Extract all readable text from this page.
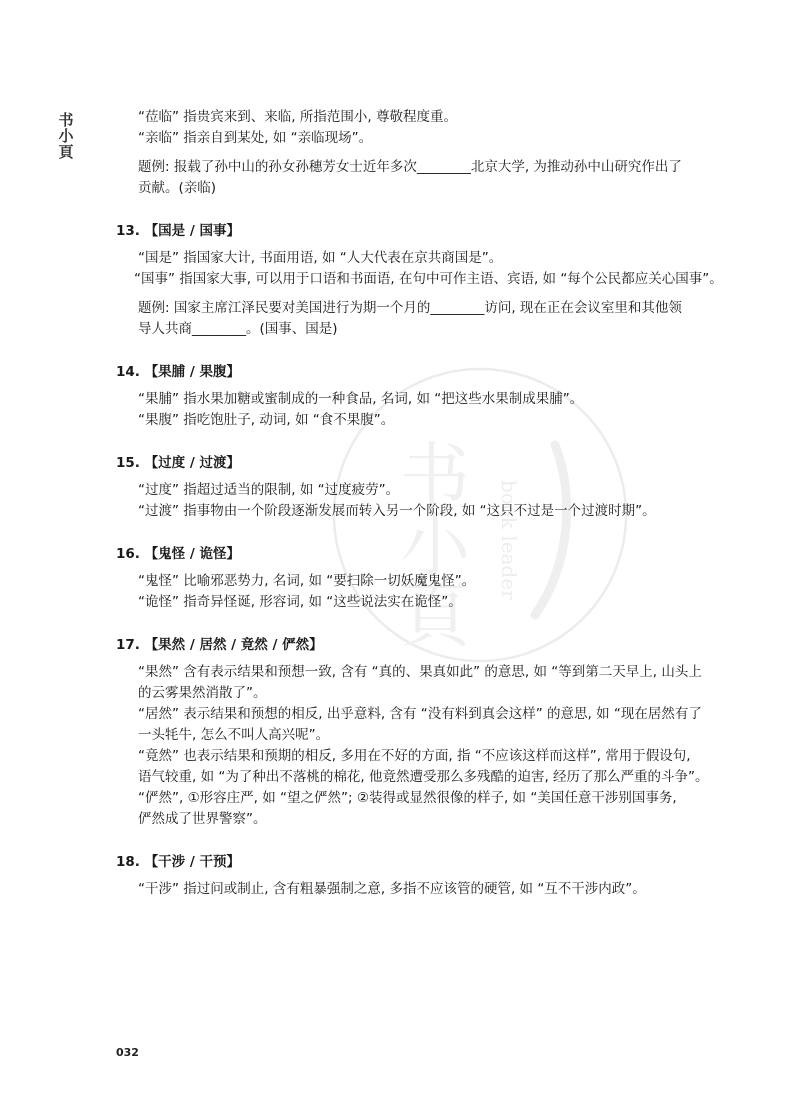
书
小
頁
书
小
頁
book leader
“莅临” 指贵宾来到、来临, 所指范围小, 尊敬程度重。
“亲临” 指亲自到某处, 如 “亲临现场”。
题例: 报载了孙中山的孙女孙穗芳女士近年多次________北京大学, 为推动孙中山研究作出了
贡献。(亲临)
13. 【国是 / 国事】
“国是” 指国家大计, 书面用语, 如 “人大代表在京共商国是”。
“国事” 指国家大事, 可以用于口语和书面语, 在句中可作主语、宾语, 如 “每个公民都应关心国事”。
题例: 国家主席江泽民要对美国进行为期一个月的________访问, 现在正在会议室里和其他领
导人共商________。(国事、国是)
14. 【果脯 / 果腹】
“果脯” 指水果加糖或蜜制成的一种食品, 名词, 如 “把这些水果制成果脯”。
“果腹” 指吃饱肚子, 动词, 如 “食不果腹”。
15. 【过度 / 过渡】
“过度” 指超过适当的限制, 如 “过度疲劳”。
“过渡” 指事物由一个阶段逐渐发展而转入另一个阶段, 如 “这只不过是一个过渡时期”。
16. 【鬼怪 / 诡怪】
“鬼怪” 比喻邪恶势力, 名词, 如 “要扫除一切妖魔鬼怪”。
“诡怪” 指奇异怪诞, 形容词, 如 “这些说法实在诡怪”。
17. 【果然 / 居然 / 竟然 / 俨然】
“果然” 含有表示结果和预想一致, 含有 “真的、果真如此” 的意思, 如 “等到第二天早上, 山头上
的云雾果然消散了”。
“居然” 表示结果和预想的相反, 出乎意料, 含有 “没有料到真会这样” 的意思, 如 “现在居然有了
一头牦牛, 怎么不叫人高兴呢”。
“竟然” 也表示结果和预期的相反, 多用在不好的方面, 指 “不应该这样而这样”, 常用于假设句,
语气较重, 如 “为了种出不落桃的棉花, 他竟然遭受那么多残酷的迫害, 经历了那么严重的斗争”。
“俨然”, ①形容庄严, 如 “望之俨然”; ②装得或显然很像的样子, 如 “美国任意干涉别国事务,
俨然成了世界警察”。
18. 【干涉 / 干预】
“干涉” 指过问或制止, 含有粗暴强制之意, 多指不应该管的硬管, 如 “互不干涉内政”。
032
